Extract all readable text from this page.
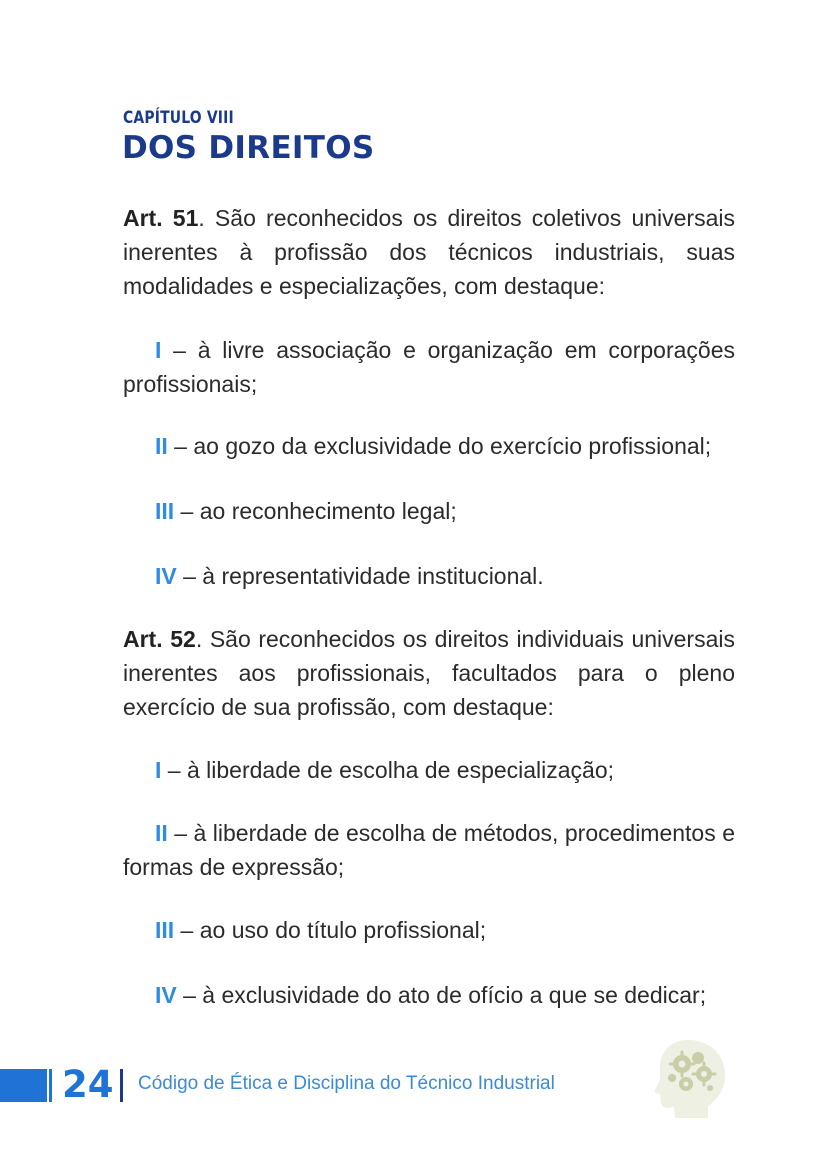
CAPÍTULO VIII
DOS DIREITOS
Art. 51. São reconhecidos os direitos coletivos universais inerentes à profissão dos técnicos industriais, suas modalidades e especializações, com destaque:
I – à livre associação e organização em corporações profissionais;
II – ao gozo da exclusividade do exercício profissional;
III – ao reconhecimento legal;
IV – à representatividade institucional.
Art. 52. São reconhecidos os direitos individuais universais inerentes aos profissionais, facultados para o pleno exercício de sua profissão, com destaque:
I – à liberdade de escolha de especialização;
II – à liberdade de escolha de métodos, procedimentos e formas de expressão;
III – ao uso do título profissional;
IV – à exclusividade do ato de ofício a que se dedicar;
24 Código de Ética e Disciplina do Técnico Industrial
